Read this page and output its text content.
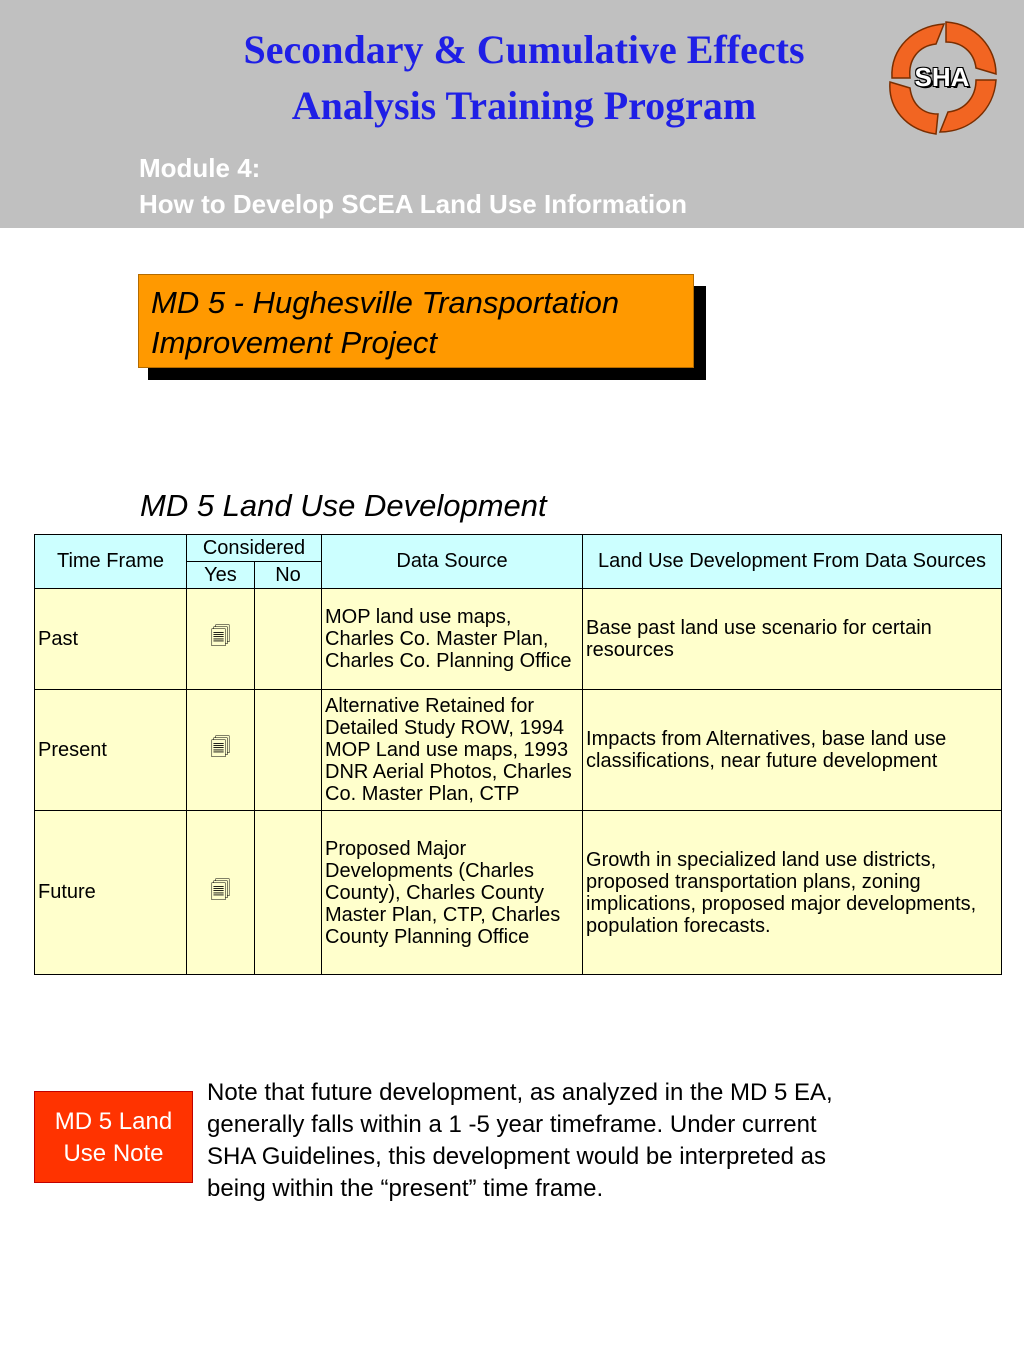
Secondary & Cumulative Effects
Analysis Training Program
Module 4:
How to Develop SCEA Land Use Information
SHA
MD 5 - Hughesville Transportation
Improvement Project
MD 5 Land Use Development
Time Frame	Considered		Data Source	Land Use Development From Data Sources
	Yes	No		
Past	🗐		MOP land use maps, Charles Co. Master Plan, Charles Co. Planning Office	Base past land use scenario for certain resources
Present	🗐		Alternative Retained for Detailed Study ROW, 1994 MOP Land use maps, 1993 DNR Aerial Photos, Charles Co. Master Plan, CTP	Impacts from Alternatives, base land use classifications, near future development
Future	🗐		Proposed Major Developments (Charles County), Charles County Master Plan, CTP, Charles County Planning Office	Growth in specialized land use districts, proposed transportation plans, zoning implications, proposed major developments, population forecasts.
MD 5 Land
Use Note
Note that future development, as analyzed in the MD 5 EA, generally falls within a 1 -5 year timeframe. Under current SHA Guidelines, this development would be interpreted as being within the “present” time frame.
